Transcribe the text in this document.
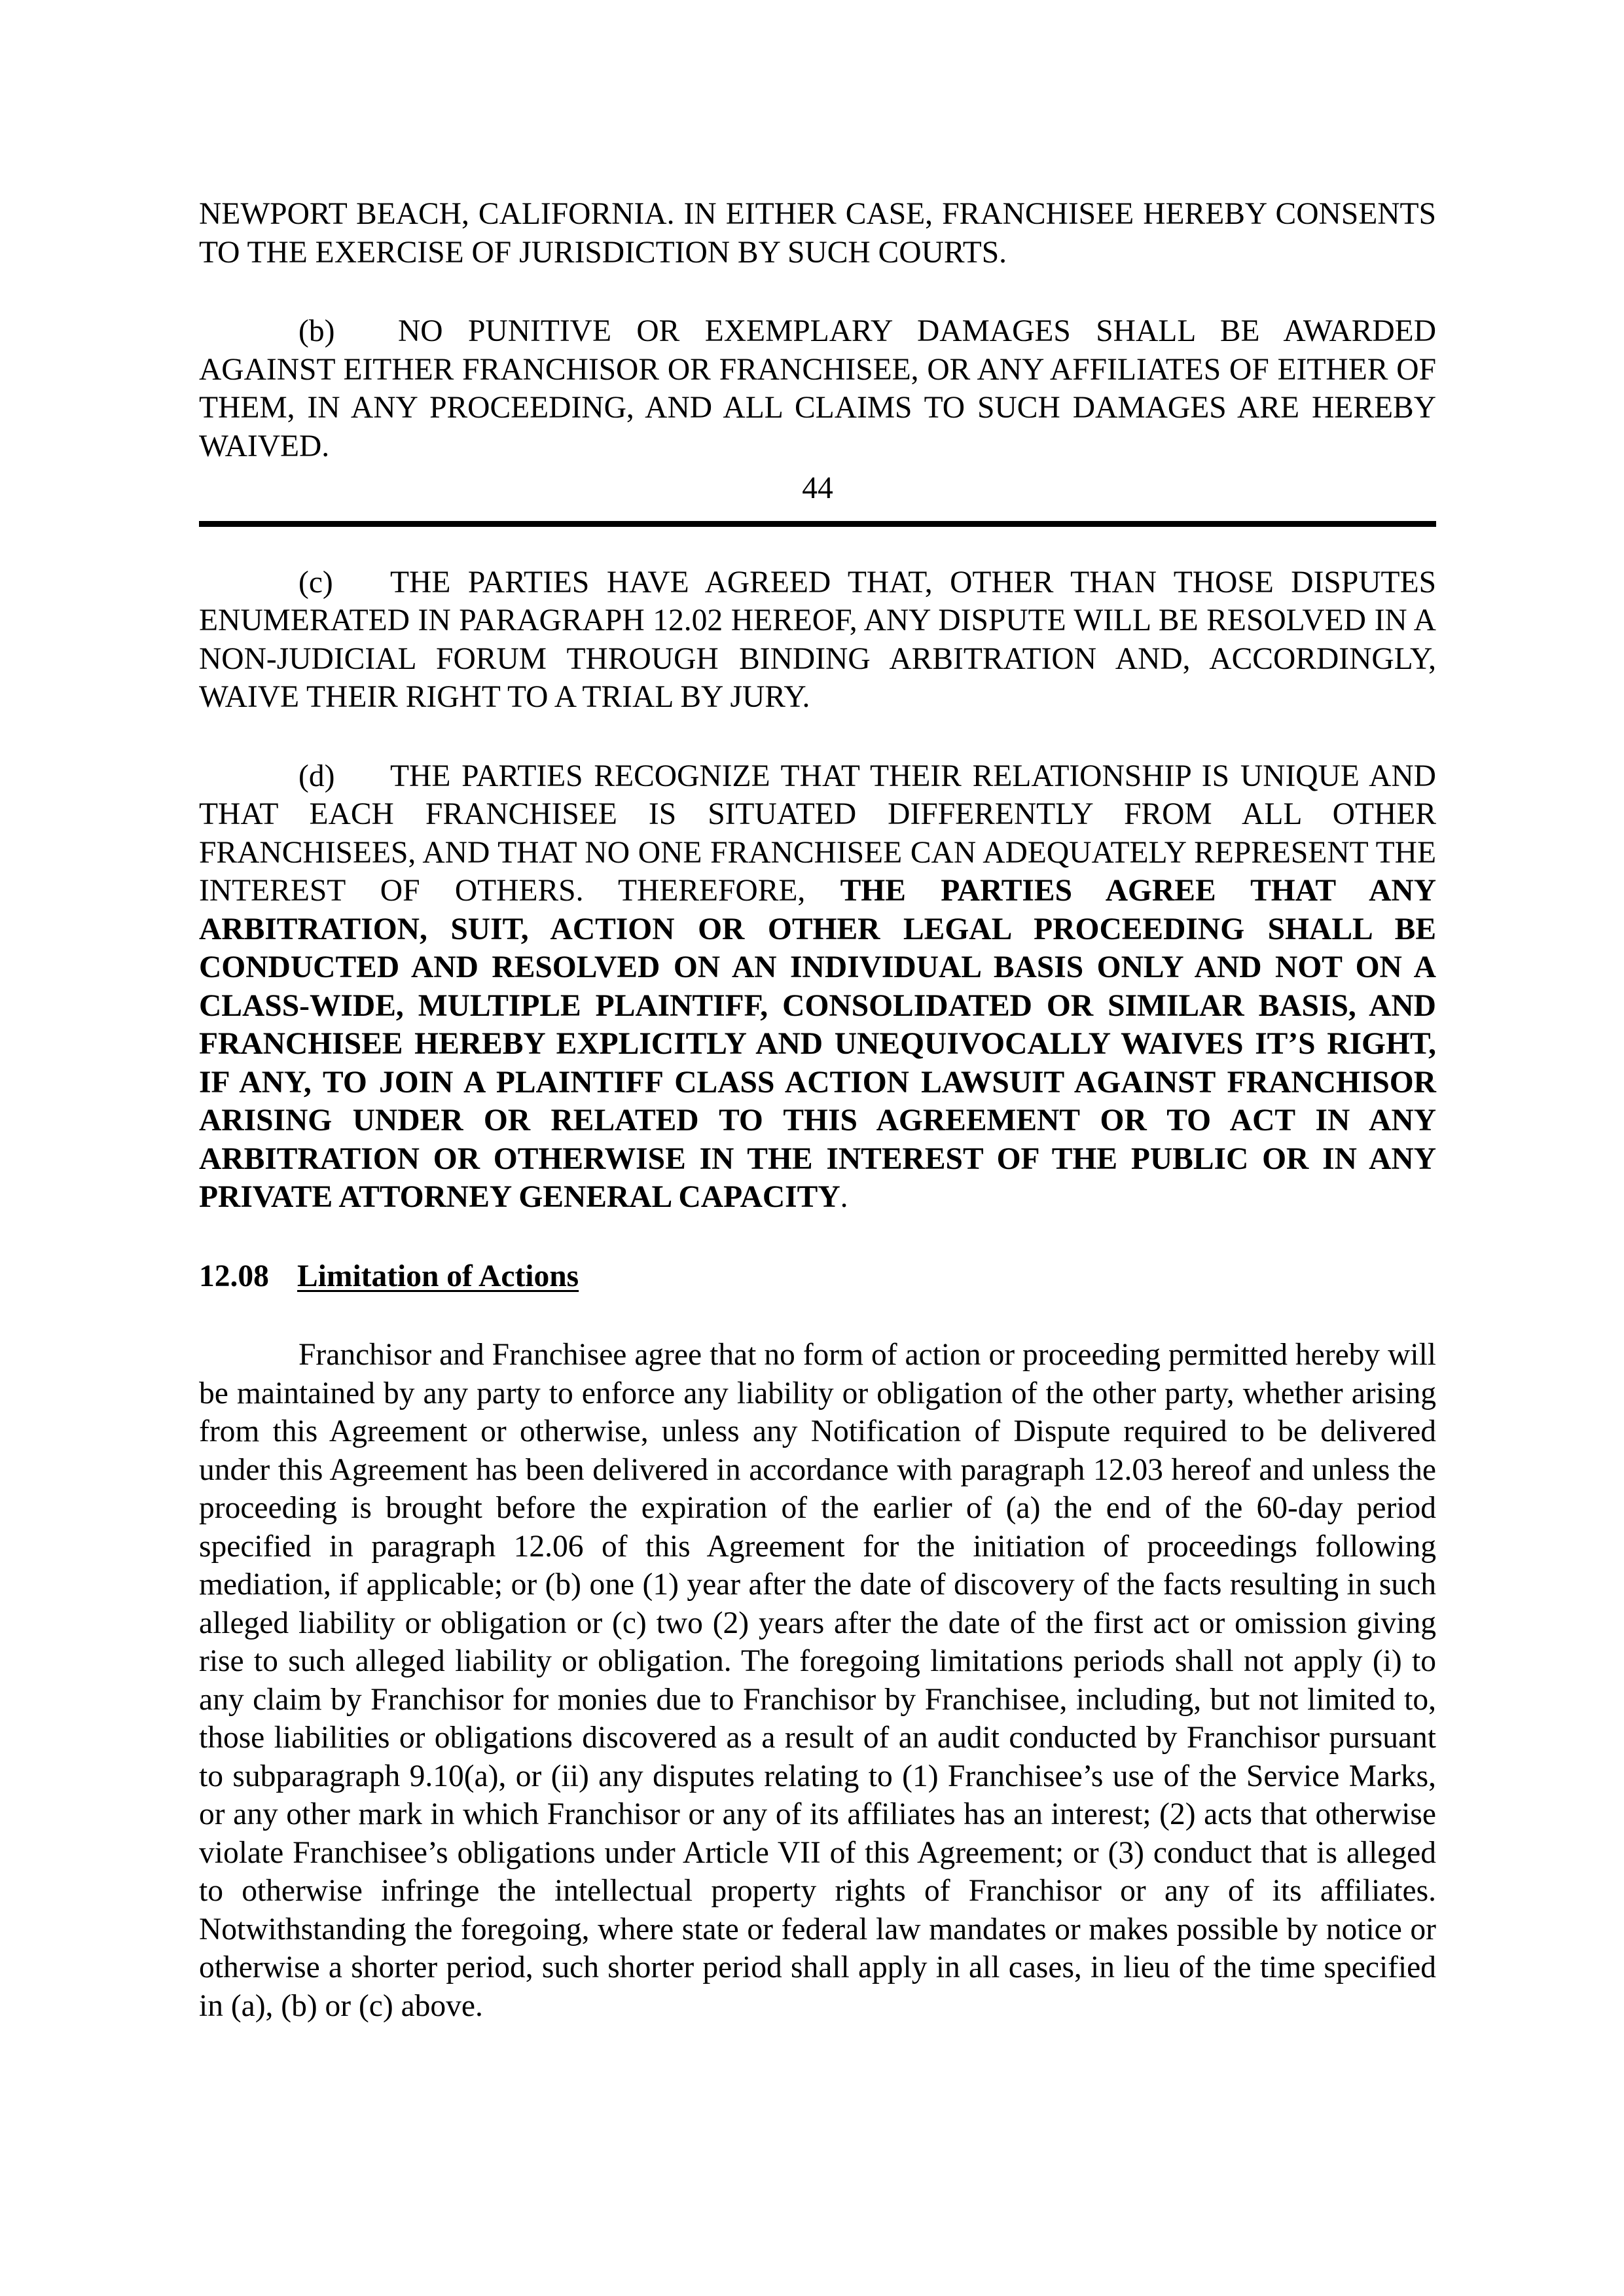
NEWPORT BEACH, CALIFORNIA. IN EITHER CASE, FRANCHISEE HEREBY CONSENTS TO THE EXERCISE OF JURISDICTION BY SUCH COURTS.

(b) NO PUNITIVE OR EXEMPLARY DAMAGES SHALL BE AWARDED AGAINST EITHER FRANCHISOR OR FRANCHISEE, OR ANY AFFILIATES OF EITHER OF THEM, IN ANY PROCEEDING, AND ALL CLAIMS TO SUCH DAMAGES ARE HEREBY WAIVED.

44

(c) THE PARTIES HAVE AGREED THAT, OTHER THAN THOSE DISPUTES ENUMERATED IN PARAGRAPH 12.02 HEREOF, ANY DISPUTE WILL BE RESOLVED IN A NON-JUDICIAL FORUM THROUGH BINDING ARBITRATION AND, ACCORDINGLY, WAIVE THEIR RIGHT TO A TRIAL BY JURY.

(d) THE PARTIES RECOGNIZE THAT THEIR RELATIONSHIP IS UNIQUE AND THAT EACH FRANCHISEE IS SITUATED DIFFERENTLY FROM ALL OTHER FRANCHISEES, AND THAT NO ONE FRANCHISEE CAN ADEQUATELY REPRESENT THE INTEREST OF OTHERS. THEREFORE, THE PARTIES AGREE THAT ANY ARBITRATION, SUIT, ACTION OR OTHER LEGAL PROCEEDING SHALL BE CONDUCTED AND RESOLVED ON AN INDIVIDUAL BASIS ONLY AND NOT ON A CLASS-WIDE, MULTIPLE PLAINTIFF, CONSOLIDATED OR SIMILAR BASIS, AND FRANCHISEE HEREBY EXPLICITLY AND UNEQUIVOCALLY WAIVES IT’S RIGHT, IF ANY, TO JOIN A PLAINTIFF CLASS ACTION LAWSUIT AGAINST FRANCHISOR ARISING UNDER OR RELATED TO THIS AGREEMENT OR TO ACT IN ANY ARBITRATION OR OTHERWISE IN THE INTEREST OF THE PUBLIC OR IN ANY PRIVATE ATTORNEY GENERAL CAPACITY.

12.08 Limitation of Actions

Franchisor and Franchisee agree that no form of action or proceeding permitted hereby will be maintained by any party to enforce any liability or obligation of the other party, whether arising from this Agreement or otherwise, unless any Notification of Dispute required to be delivered under this Agreement has been delivered in accordance with paragraph 12.03 hereof and unless the proceeding is brought before the expiration of the earlier of (a) the end of the 60-day period specified in paragraph 12.06 of this Agreement for the initiation of proceedings following mediation, if applicable; or (b) one (1) year after the date of discovery of the facts resulting in such alleged liability or obligation or (c) two (2) years after the date of the first act or omission giving rise to such alleged liability or obligation. The foregoing limitations periods shall not apply (i) to any claim by Franchisor for monies due to Franchisor by Franchisee, including, but not limited to, those liabilities or obligations discovered as a result of an audit conducted by Franchisor pursuant to subparagraph 9.10(a), or (ii) any disputes relating to (1) Franchisee’s use of the Service Marks, or any other mark in which Franchisor or any of its affiliates has an interest; (2) acts that otherwise violate Franchisee’s obligations under Article VII of this Agreement; or (3) conduct that is alleged to otherwise infringe the intellectual property rights of Franchisor or any of its affiliates. Notwithstanding the foregoing, where state or federal law mandates or makes possible by notice or otherwise a shorter period, such shorter period shall apply in all cases, in lieu of the time specified in (a), (b) or (c) above.
